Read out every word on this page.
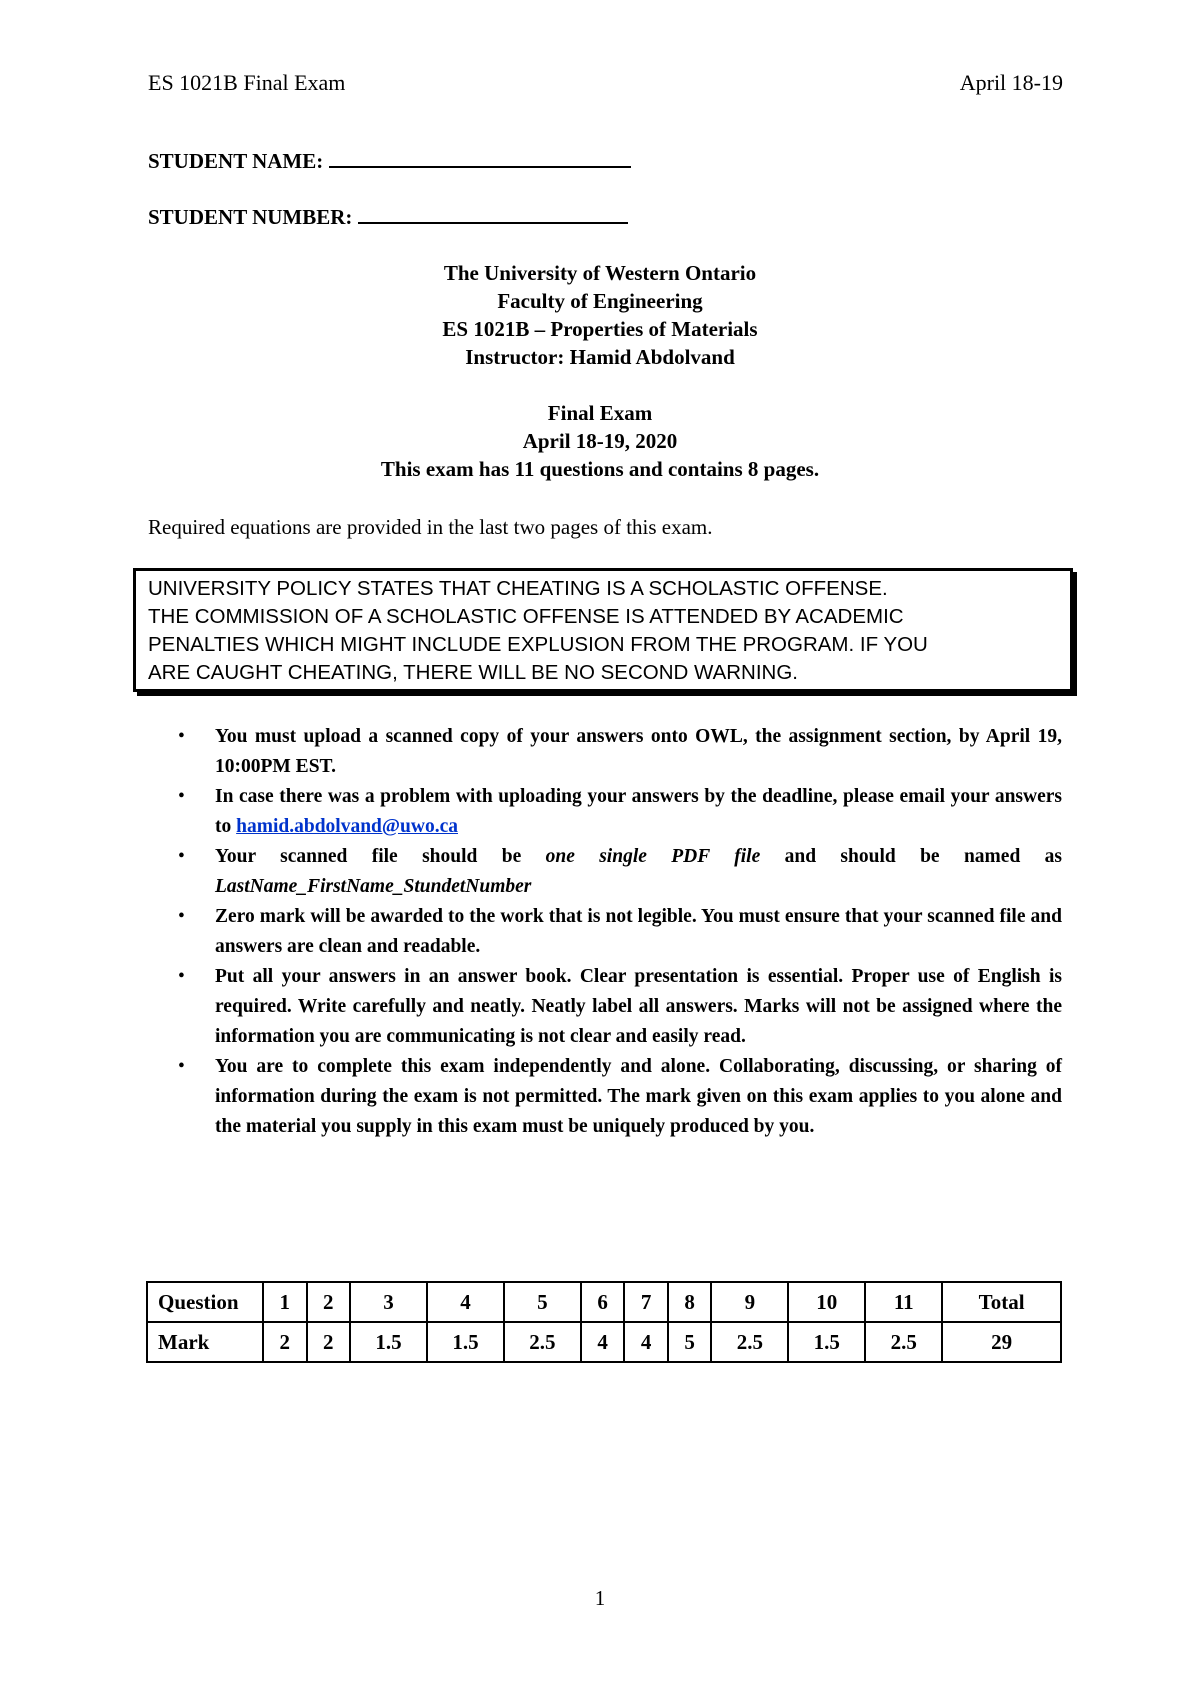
ES 1021B Final Exam	April 18-19
STUDENT NAME:
STUDENT NUMBER:
The University of Western Ontario
Faculty of Engineering
ES 1021B – Properties of Materials
Instructor: Hamid Abdolvand
Final Exam
April 18-19, 2020
This exam has 11 questions and contains 8 pages.
Required equations are provided in the last two pages of this exam.
UNIVERSITY POLICY STATES THAT CHEATING IS A SCHOLASTIC OFFENSE.
THE COMMISSION OF A SCHOLASTIC OFFENSE IS ATTENDED BY ACADEMIC
PENALTIES WHICH MIGHT INCLUDE EXPLUSION FROM THE PROGRAM. IF YOU
ARE CAUGHT CHEATING, THERE WILL BE NO SECOND WARNING.
• You must upload a scanned copy of your answers onto OWL, the assignment section, by April 19, 10:00PM EST.
• In case there was a problem with uploading your answers by the deadline, please email your answers to hamid.abdolvand@uwo.ca
• Your scanned file should be one single PDF file and should be named as LastName_FirstName_StundetNumber
• Zero mark will be awarded to the work that is not legible. You must ensure that your scanned file and answers are clean and readable.
• Put all your answers in an answer book. Clear presentation is essential. Proper use of English is required. Write carefully and neatly. Neatly label all answers. Marks will not be assigned where the information you are communicating is not clear and easily read.
• You are to complete this exam independently and alone. Collaborating, discussing, or sharing of information during the exam is not permitted. The mark given on this exam applies to you alone and the material you supply in this exam must be uniquely produced by you.
Question	1	2	3	4	5	6	7	8	9	10	11	Total
Mark	2	2	1.5	1.5	2.5	4	4	5	2.5	1.5	2.5	29
1
